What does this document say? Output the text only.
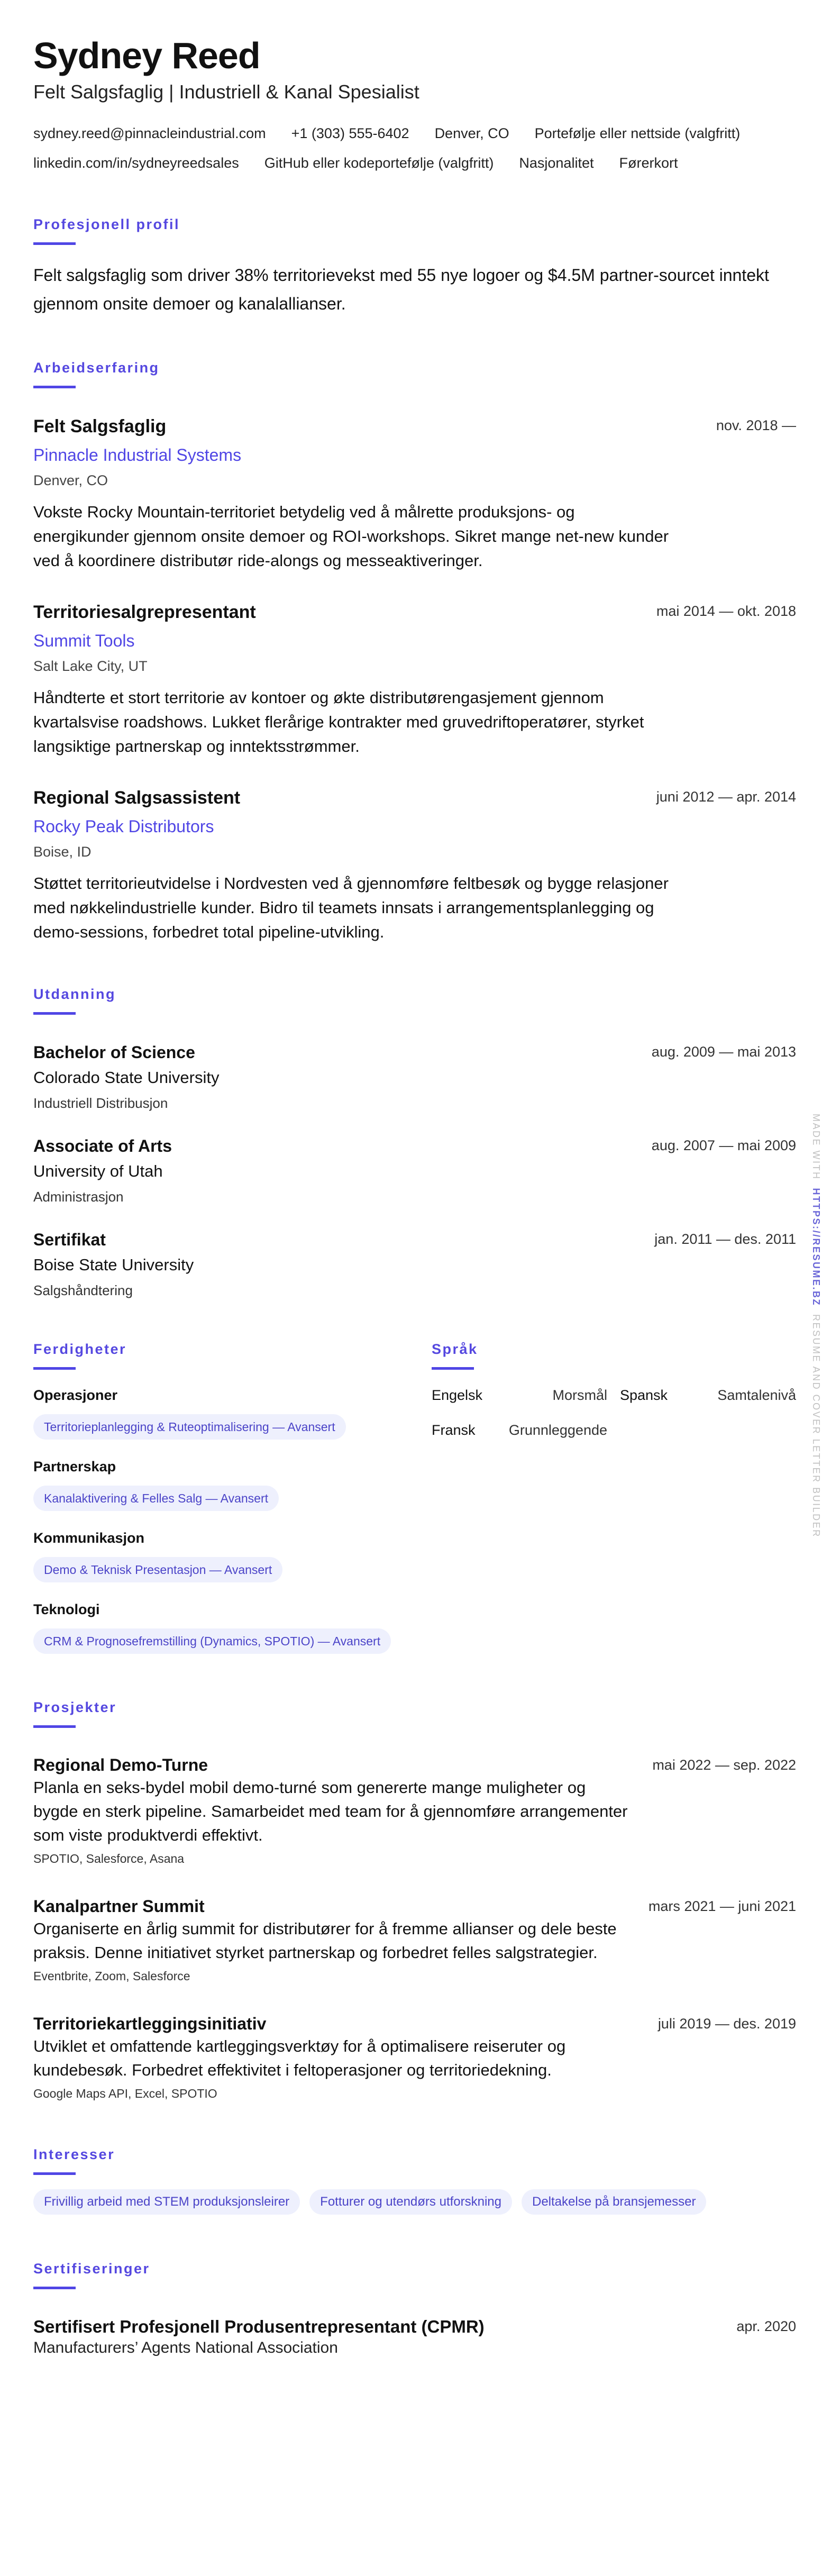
Sydney Reed
Felt Salgsfaglig | Industriell & Kanal Spesialist
sydney.reed@pinnacleindustrial.com +1 (303) 555-6402 Denver, CO Portefølje eller nettside (valgfritt)
linkedin.com/in/sydneyreedsales GitHub eller kodeportefølje (valgfritt) Nasjonalitet Førerkort
Profesjonell profil

Felt salgsfaglig som driver 38% territorievekst med 55 nye logoer og $4.5M partner-sourcet inntekt gjennom onsite demoer og kanalallianser.

Arbeidserfaring
Felt Salgsfaglig	nov. 2018 —
Pinnacle Industrial Systems
Denver, CO

Vokste Rocky Mountain-territoriet betydelig ved å målrette produksjons- og energikunder gjennom onsite demoer og ROI-workshops. Sikret mange net-new kunder ved å koordinere distributør ride-alongs og messeaktiveringer.

Territoriesalgrepresentant	mai 2014 — okt. 2018
Summit Tools
Salt Lake City, UT

Håndterte et stort territorie av kontoer og økte distributørengasjement gjennom kvartalsvise roadshows. Lukket flerårige kontrakter med gruvedriftoperatører, styrket langsiktige partnerskap og inntektsstrømmer.

Regional Salgsassistent	juni 2012 — apr. 2014
Rocky Peak Distributors
Boise, ID

Støttet territorieutvidelse i Nordvesten ved å gjennomføre feltbesøk og bygge relasjoner med nøkkelindustrielle kunder. Bidro til teamets innsats i arrangementsplanlegging og demo-sessions, forbedret total pipeline-utvikling.

Utdanning
Bachelor of Science	aug. 2009 — mai 2013
Colorado State University
Industriell Distribusjon
Associate of Arts	aug. 2007 — mai 2009
University of Utah
Administrasjon
Sertifikat	jan. 2011 — des. 2011
Boise State University
Salgshåndtering
Ferdigheter
Operasjoner
Territorieplanlegging & Ruteoptimalisering — Avansert
Partnerskap
Kanalaktivering & Felles Salg — Avansert
Kommunikasjon
Demo & Teknisk Presentasjon — Avansert
Teknologi
CRM & Prognosefremstilling (Dynamics, SPOTIO) — Avansert
Språk
Engelsk	Morsmål Spansk	Samtalenivå
Fransk Grunnleggende
Prosjekter
Regional Demo-Turne	mai 2022 — sep. 2022

Planla en seks-bydel mobil demo-turné som genererte mange muligheter og bygde en sterk pipeline. Samarbeidet med team for å gjennomføre arrangementer som viste produktverdi effektivt.

SPOTIO, Salesforce, Asana
Kanalpartner Summit	mars 2021 — juni 2021

Organiserte en årlig summit for distributører for å fremme allianser og dele beste praksis. Denne initiativet styrket partnerskap og forbedret felles salgstrategier.

Eventbrite, Zoom, Salesforce
Territoriekartleggingsinitiativ	juli 2019 — des. 2019

Utviklet et omfattende kartleggingsverktøy for å optimalisere reiseruter og kundebesøk. Forbedret effektivitet i feltoperasjoner og territoriedekning.

Google Maps API, Excel, SPOTIO
Interesser
Frivillig arbeid med STEM produksjonsleirer	Fotturer og utendørs utforskning	Deltakelse på bransjemesser
Sertifiseringer
Sertifisert Profesjonell Produsentrepresentant (CPMR)	apr. 2020
Manufacturers’ Agents National Association
MADE WITH  HTTPS://RESUME.BZ  RESUME AND COVER LETTER BUILDER
